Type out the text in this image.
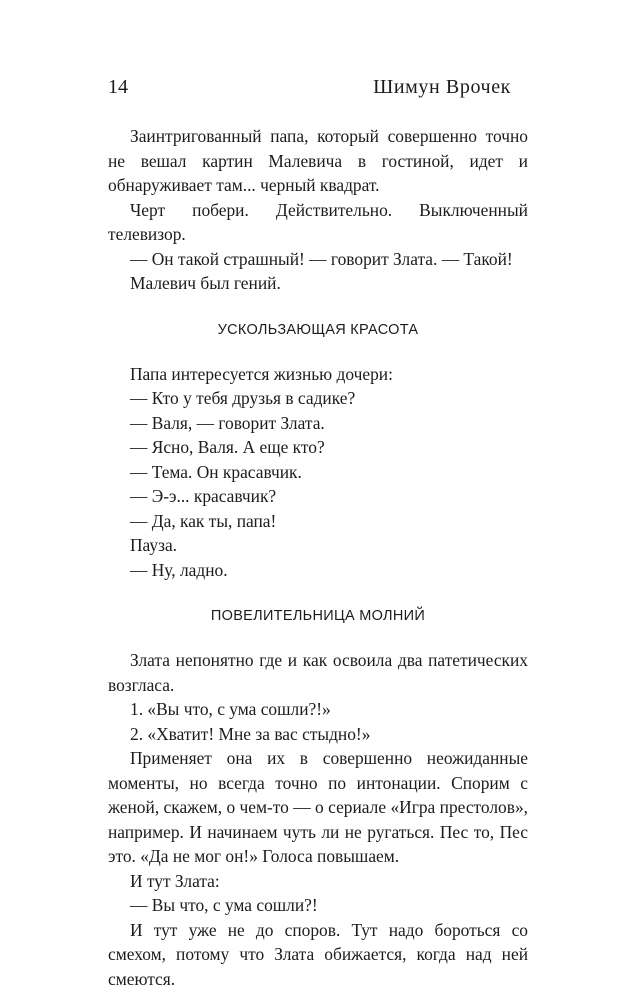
14	Шимун Врочек

Заинтригованный папа, который совершенно точно не вешал картин Малевича в гостиной, идет и обнаруживает там... черный квадрат.

Черт побери. Действительно. Выключенный телевизор.

— Он такой страшный! — говорит Злата. — Такой!

Малевич был гений.

УСКОЛЬЗАЮЩАЯ КРАСОТА

Папа интересуется жизнью дочери:

— Кто у тебя друзья в садике?

— Валя, — говорит Злата.

— Ясно, Валя. А еще кто?

— Тема. Он красавчик.

— Э-э... красавчик?

— Да, как ты, папа!

Пауза.

— Ну, ладно.

ПОВЕЛИТЕЛЬНИЦА МОЛНИЙ

Злата непонятно где и как освоила два патетических возгласа.

1. «Вы что, с ума сошли?!»

2. «Хватит! Мне за вас стыдно!»

Применяет она их в совершенно неожиданные моменты, но всегда точно по интонации. Спорим с женой, скажем, о чем-то — о сериале «Игра престолов», например. И начинаем чуть ли не ругаться. Пес то, Пес это. «Да не мог он!» Голоса повышаем.

И тут Злата:

— Вы что, с ума сошли?!

И тут уже не до споров. Тут надо бороться со смехом, потому что Злата обижается, когда над ней смеются.
